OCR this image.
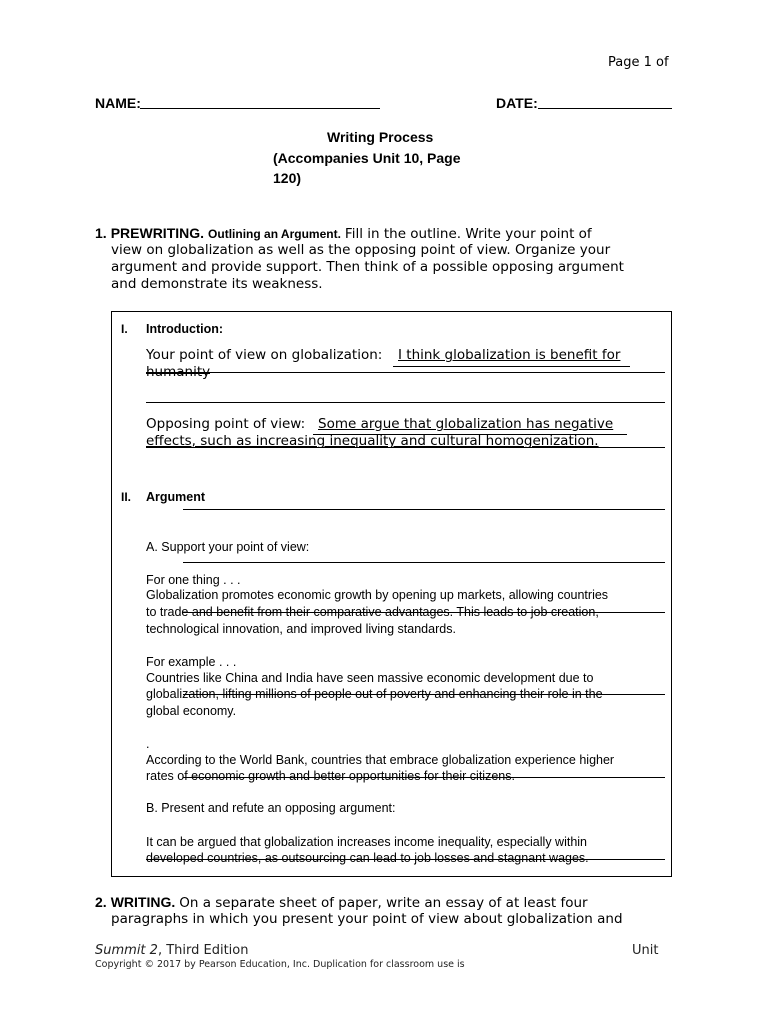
Page 1 of
NAME:	DATE:
Writing Process
(Accompanies Unit 10, Page
120)
1. PREWRITING. Outlining an Argument. Fill in the outline. Write your point of
view on globalization as well as the opposing point of view. Organize your
argument and provide support. Then think of a possible opposing argument
and demonstrate its weakness.
I. Introduction:
Your point of view on globalization: I think globalization is benefit for
humanity
Opposing point of view: Some argue that globalization has negative
effects, such as increasing inequality and cultural homogenization.
II. Argument
A. Support your point of view:
For one thing . . .
Globalization promotes economic growth by opening up markets, allowing countries
to trade and benefit from their comparative advantages. This leads to job creation,
technological innovation, and improved living standards.
For example . . .
Countries like China and India have seen massive economic development due to
globalization, lifting millions of people out of poverty and enhancing their role in the
global economy.
.
According to the World Bank, countries that embrace globalization experience higher
rates of economic growth and better opportunities for their citizens.
B. Present and refute an opposing argument:
It can be argued that globalization increases income inequality, especially within
developed countries, as outsourcing can lead to job losses and stagnant wages.
2. WRITING. On a separate sheet of paper, write an essay of at least four
paragraphs in which you present your point of view about globalization and
Summit 2, Third Edition	Unit
Copyright © 2017 by Pearson Education, Inc. Duplication for classroom use is
